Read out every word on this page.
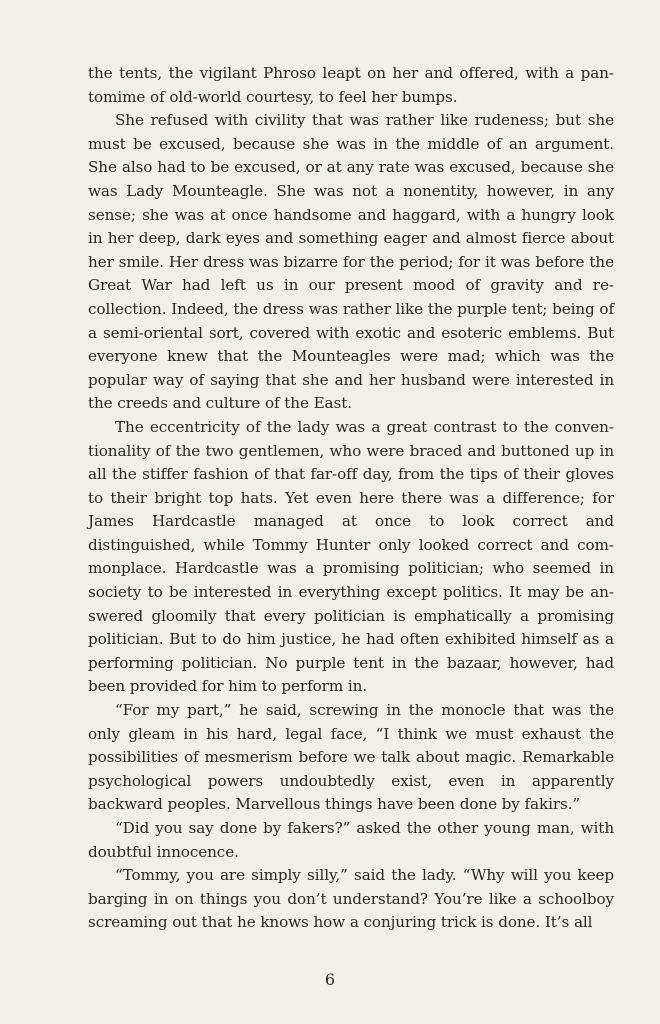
the tents, the vigilant Phroso leapt on her and offered, with a pantomime of old-world courtesy, to feel her bumps.

She refused with civility that was rather like rudeness; but she must be excused, because she was in the middle of an argument. She also had to be excused, or at any rate was excused, because she was Lady Mounteagle. She was not a nonentity, however, in any sense; she was at once handsome and haggard, with a hungry look in her deep, dark eyes and something eager and almost fierce about her smile. Her dress was bizarre for the period; for it was before the Great War had left us in our present mood of gravity and recollection. Indeed, the dress was rather like the purple tent; being of a semi-oriental sort, covered with exotic and esoteric emblems. But everyone knew that the Mounteagles were mad; which was the popular way of saying that she and her husband were interested in the creeds and culture of the East.

The eccentricity of the lady was a great contrast to the conventionality of the two gentlemen, who were braced and buttoned up in all the stiffer fashion of that far-off day, from the tips of their gloves to their bright top hats. Yet even here there was a difference; for James Hardcastle managed at once to look correct and distinguished, while Tommy Hunter only looked correct and commonplace. Hardcastle was a promising politician; who seemed in society to be interested in everything except politics. It may be answered gloomily that every politician is emphatically a promising politician. But to do him justice, he had often exhibited himself as a performing politician. No purple tent in the bazaar, however, had been provided for him to perform in.

“For my part,” he said, screwing in the monocle that was the only gleam in his hard, legal face, “I think we must exhaust the possibilities of mesmerism before we talk about magic. Remarkable psychological powers undoubtedly exist, even in apparently backward peoples. Marvellous things have been done by fakirs.”

“Did you say done by fakers?” asked the other young man, with doubtful innocence.

“Tommy, you are simply silly,” said the lady. “Why will you keep barging in on things you don’t understand? You’re like a schoolboy screaming out that he knows how a conjuring trick is done. It’s all

6
